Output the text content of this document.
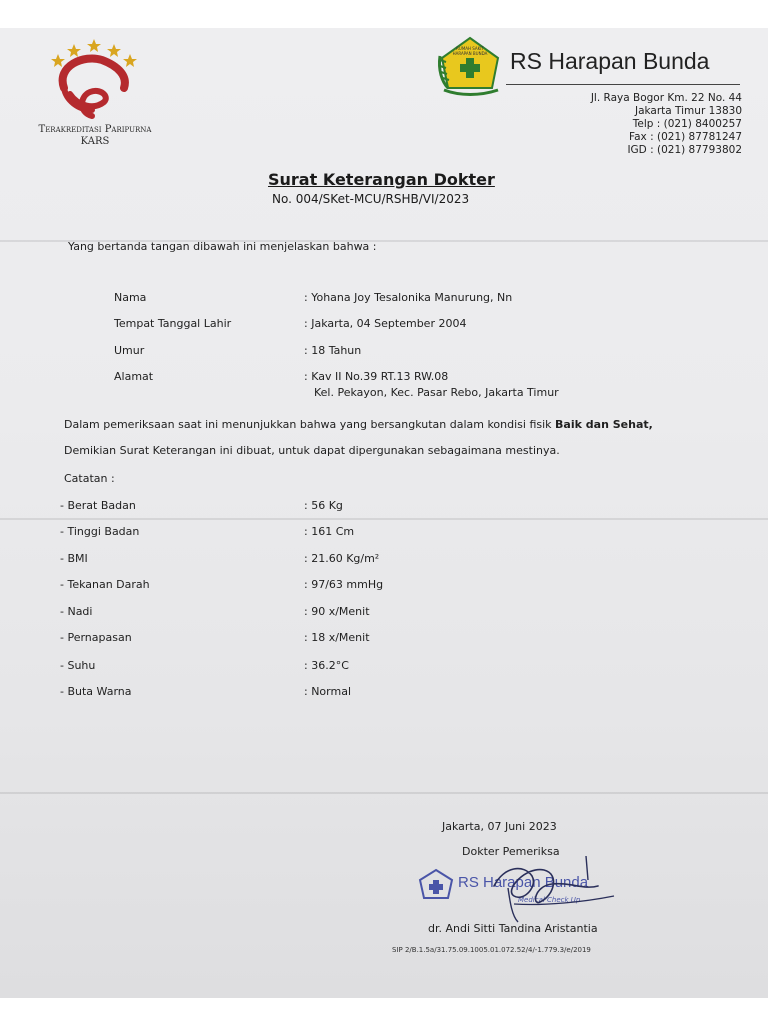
Terakreditasi Paripurna
KARS
RUMAH SAKIT
HARAPAN BUNDA RS Harapan Bunda
Jl. Raya Bogor Km. 22 No. 44
Jakarta Timur 13830
Telp : (021) 8400257
Fax : (021) 87781247
IGD : (021) 87793802
Surat Keterangan Dokter
No. 004/SKet-MCU/RSHB/VI/2023
Yang bertanda tangan dibawah ini menjelaskan bahwa :
Nama	: Yohana Joy Tesalonika Manurung, Nn
Tempat Tanggal Lahir	: Jakarta, 04 September 2004
Umur	: 18 Tahun
Alamat	: Kav II No.39 RT.13 RW.08
Kel. Pekayon, Kec. Pasar Rebo, Jakarta Timur
Dalam pemeriksaan saat ini menunjukkan bahwa yang bersangkutan dalam kondisi fisik Baik dan Sehat,
Demikian Surat Keterangan ini dibuat, untuk dapat dipergunakan sebagaimana mestinya.
Catatan :
- Berat Badan	: 56 Kg
- Tinggi Badan	: 161 Cm
- BMI	: 21.60 Kg/m²
- Tekanan Darah	: 97/63 mmHg
- Nadi	: 90 x/Menit
- Pernapasan	: 18 x/Menit
- Suhu	: 36.2°C
- Buta Warna	: Normal
Jakarta, 07 Juni 2023
Dokter Pemeriksa
RS Harapan Bunda
Medical Check Up
dr. Andi Sitti Tandina Aristantia
SIP 2/B.1.5a/31.75.09.1005.01.072.52/4/-1.779.3/e/2019
